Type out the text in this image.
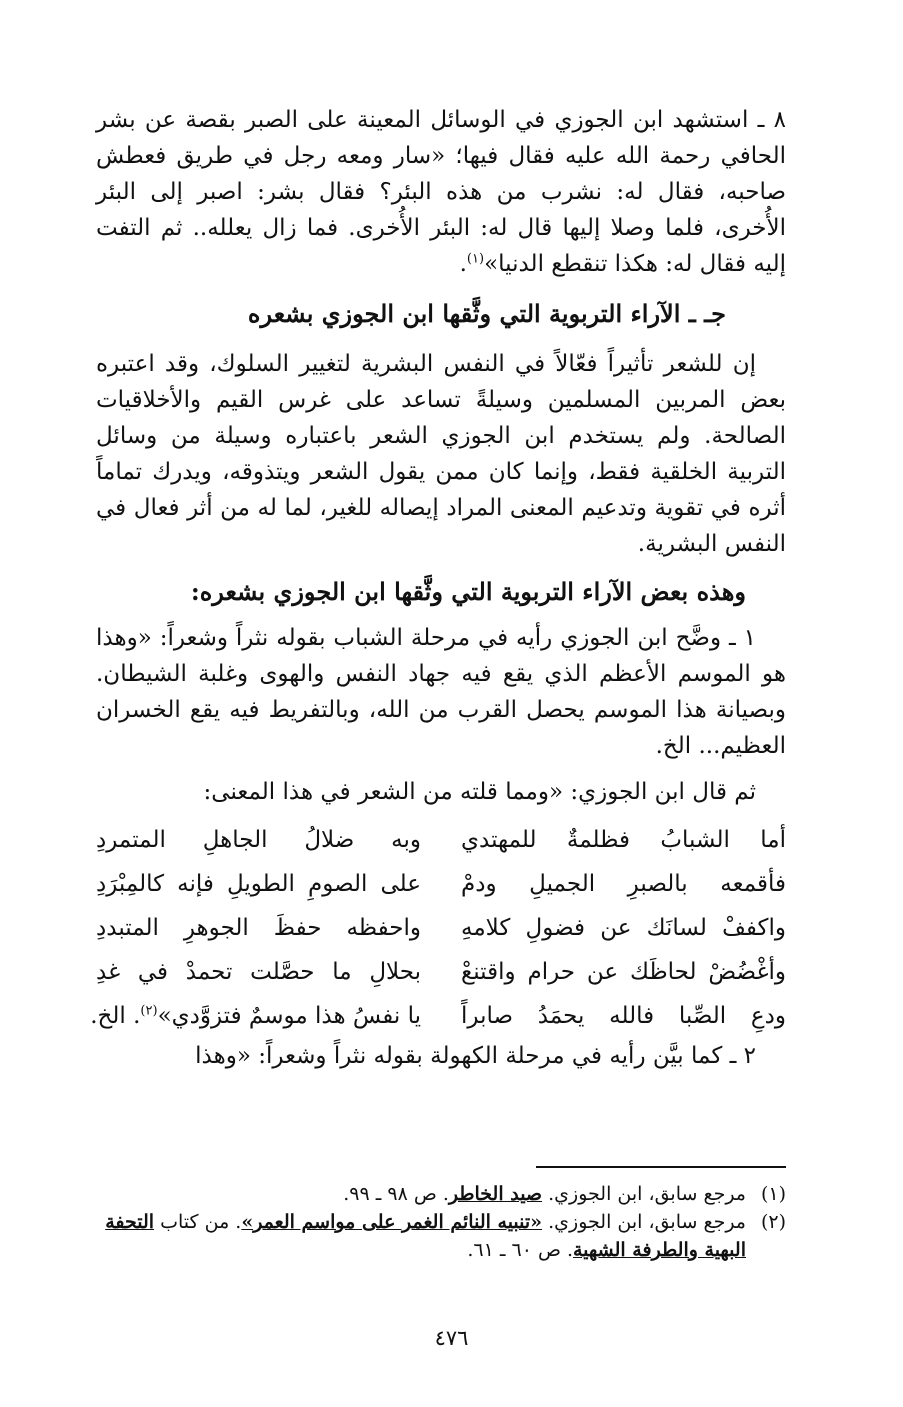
٨ ـ استشهد ابن الجوزي في الوسائل المعينة على الصبر بقصة عن بشر الحافي رحمة الله عليه فقال فيها؛ «سار ومعه رجل في طريق فعطش صاحبه، فقال له: نشرب من هذه البئر؟ فقال بشر: اصبر إلى البئر الأُخرى، فلما وصلا إليها قال له: البئر الأُخرى. فما زال يعلله.. ثم التفت إليه فقال له: هكذا تنقطع الدنيا»$^{(١)}$.

جـ ـ الآراء التربوية التي وثَّقها ابن الجوزي بشعره

إن للشعر تأثيراً فعّالاً في النفس البشرية لتغيير السلوك، وقد اعتبره بعض المربين المسلمين وسيلةً تساعد على غرس القيم والأخلاقيات الصالحة. ولم يستخدم ابن الجوزي الشعر باعتباره وسيلة من وسائل التربية الخلقية فقط، وإنما كان ممن يقول الشعر ويتذوقه، ويدرك تماماً أثره في تقوية وتدعيم المعنى المراد إيصاله للغير، لما له من أثر فعال في النفس البشرية.

وهذه بعض الآراء التربوية التي وثَّقها ابن الجوزي بشعره:

١ ـ وضَّح ابن الجوزي رأيه في مرحلة الشباب بقوله نثراً وشعراً: «وهذا هو الموسم الأعظم الذي يقع فيه جهاد النفس والهوى وغلبة الشيطان. وبصيانة هذا الموسم يحصل القرب من الله، وبالتفريط فيه يقع الخسران العظيم... الخ.

ثم قال ابن الجوزي: «ومما قلته من الشعر في هذا المعنى:

أما الشبابُ فظلمةٌ للمهتدي
وبه ضلالُ الجاهلِ المتمردِ
فأقمعه بالصبرِ الجميلِ ودمْ
على الصومِ الطويلِ فإنه كالمِبْرَدِ
واكففْ لسانَك عن فضولِ كلامهِ
واحفظه حفظَ الجوهرِ المتبددِ
وأغْضُضْ لحاظَك عن حرام واقتنعْ
بحلالِ ما حصَّلت تحمدْ في غدِ
ودعِ الصِّبا فالله يحمَدُ صابراً
يا نفسُ هذا موسمٌ فتزوَّدي»$^{(٢)}$. الخ.

٢ ـ كما بيَّن رأيه في مرحلة الكهولة بقوله نثراً وشعراً: «وهذا

(١)
مرجع سابق، ابن الجوزي. صيد الخاطر. ص ٩٨ ـ ٩٩.
(٢)
مرجع سابق، ابن الجوزي. «تنبيه النائم الغمر على مواسم العمر». من كتاب التحفة البهية والطرفة الشهية. ص ٦٠ ـ ٦١.
٤٧٦
